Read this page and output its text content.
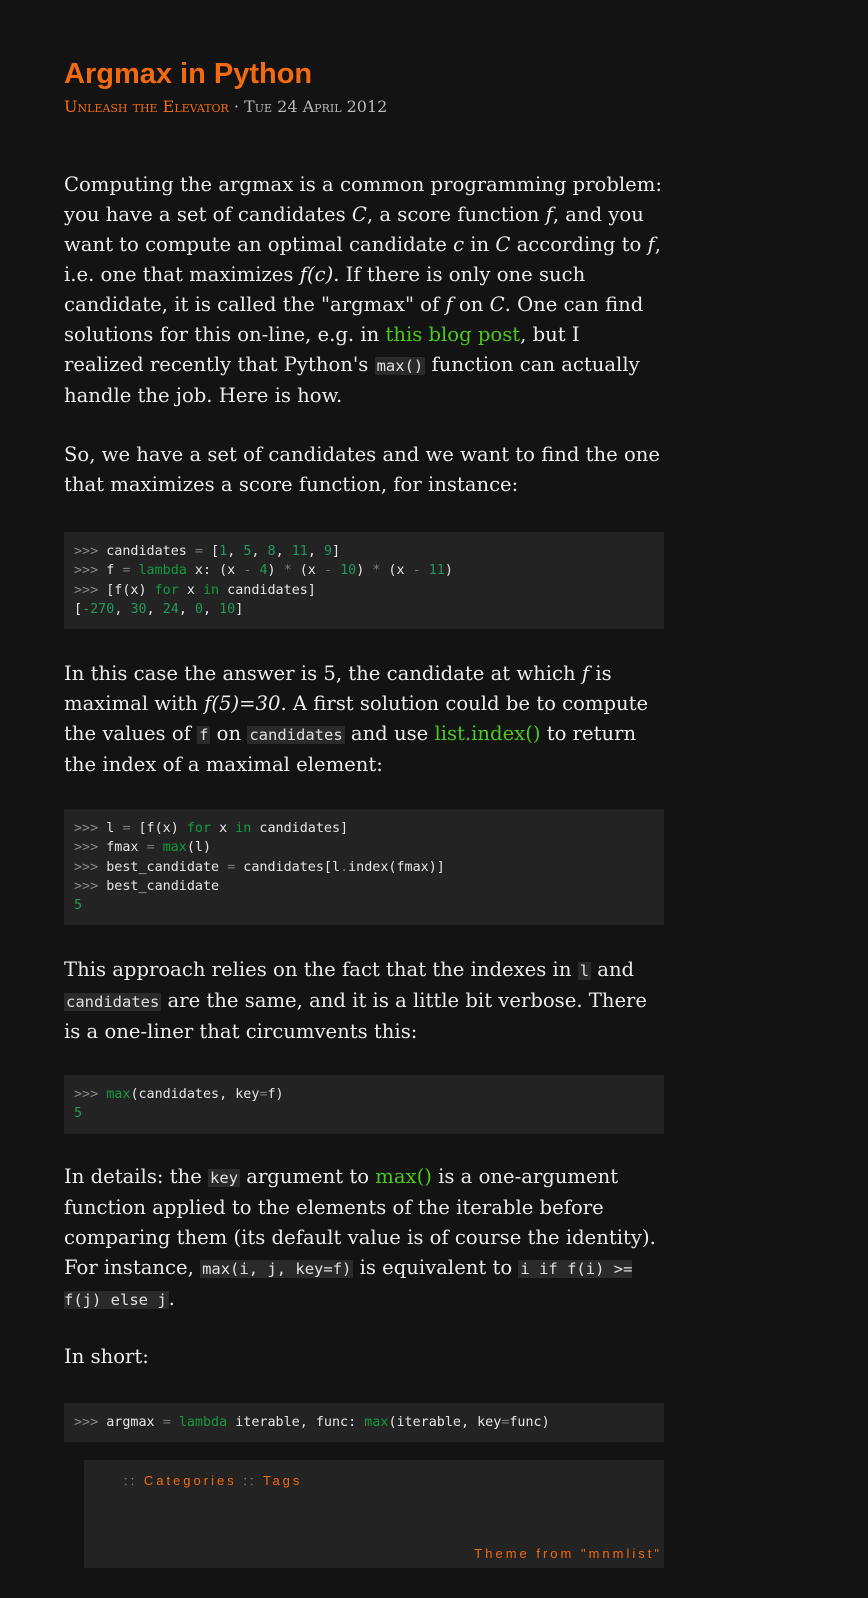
Argmax in Python
Unleash the Elevator · Tue 24 April 2012

Computing the argmax is a common programming problem: you have a set of candidates C, a score function f, and you want to compute an optimal candidate c in C according to f, i.e. one that maximizes f(c). If there is only one such candidate, it is called the "argmax" of f on C. One can find solutions for this on-line, e.g. in this blog post, but I realized recently that Python's max() function can actually handle the job. Here is how.

So, we have a set of candidates and we want to find the one that maximizes a score function, for instance:

>>> candidates = [1, 5, 8, 11, 9]
>>> f = lambda x: (x - 4) * (x - 10) * (x - 11)
>>> [f(x) for x in candidates]
[-270, 30, 24, 0, 10]

In this case the answer is 5, the candidate at which f is maximal with f(5)=30. A first solution could be to compute the values of f on candidates and use list.index() to return the index of a maximal element:

>>> l = [f(x) for x in candidates]
>>> fmax = max(l)
>>> best_candidate = candidates[l.index(fmax)]
>>> best_candidate
5

This approach relies on the fact that the indexes in l and candidates are the same, and it is a little bit verbose. There is a one-liner that circumvents this:

>>> max(candidates, key=f)
5

In details: the key argument to max() is a one-argument function applied to the elements of the iterable before comparing them (its default value is of course the identity). For instance, max(i, j, key=f) is equivalent to i if f(i) >= f(j) else j .

In short:

>>> argmax = lambda iterable, func: max(iterable, key=func)
:: Categories :: Tags
Theme from "mnmlist"
